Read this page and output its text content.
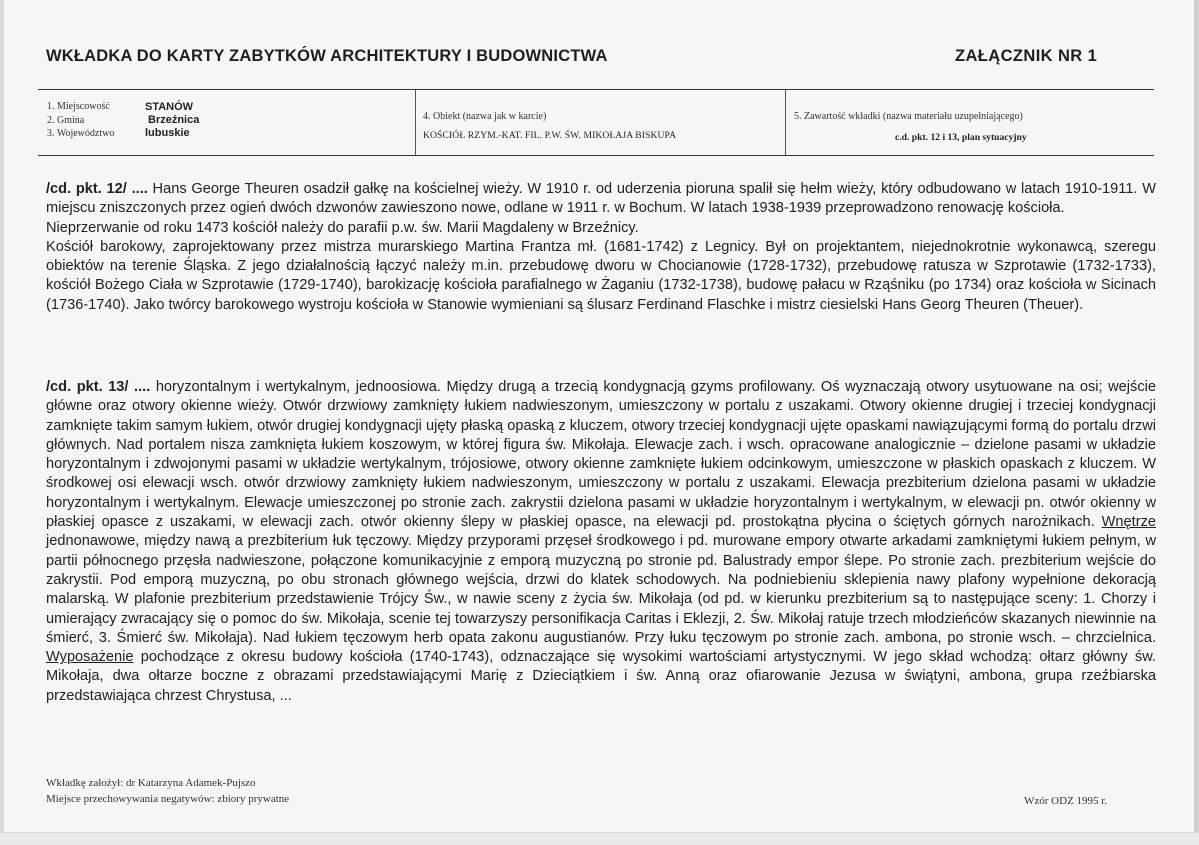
WKŁADKA DO KARTY ZABYTKÓW ARCHITEKTURY I BUDOWNICTWA	ZAŁĄCZNIK NR 1
1. Miejscowość	STANÓW
2. Gmina	Brzeźnica
3. Województwo	lubuskie
4. Obiekt (nazwa jak w karcie)
KOŚCIÓŁ RZYM.-KAT. FIL. P.W. ŚW. MIKOŁAJA BISKUPA
5. Zawartość wkładki (nazwa materiału uzupełniającego)
c.d. pkt. 12 i 13, plan sytuacyjny

/cd. pkt. 12/ .... Hans George Theuren osadził gałkę na kościelnej wieży. W 1910 r. od uderzenia pioruna spalił się hełm wieży, który odbudowano w latach 1910-1911. W miejscu zniszczonych przez ogień dwóch dzwonów zawieszono nowe, odlane w 1911 r. w Bochum. W latach 1938-1939 przeprowadzono renowację kościoła.

Nieprzerwanie od roku 1473 kościół należy do parafii p.w. św. Marii Magdaleny w Brzeźnicy.

Kościół barokowy, zaprojektowany przez mistrza murarskiego Martina Frantza mł. (1681-1742) z Legnicy. Był on projektantem, niejednokrotnie wykonawcą, szeregu obiektów na terenie Śląska. Z jego działalnością łączyć należy m.in. przebudowę dworu w Chocianowie (1728-1732), przebudowę ratusza w Szprotawie (1732-1733), kościół Bożego Ciała w Szprotawie (1729-1740), barokizację kościoła parafialnego w Żaganiu (1732-1738), budowę pałacu w Rząśniku (po 1734) oraz kościoła w Sicinach (1736-1740). Jako twórcy barokowego wystroju kościoła w Stanowie wymieniani są ślusarz Ferdinand Flaschke i mistrz ciesielski Hans Georg Theuren (Theuer).

/cd. pkt. 13/ .... horyzontalnym i wertykalnym, jednoosiowa. Między drugą a trzecią kondygnacją gzyms profilowany. Oś wyznaczają otwory usytuowane na osi; wejście główne oraz otwory okienne wieży. Otwór drzwiowy zamknięty łukiem nadwieszonym, umieszczony w portalu z uszakami. Otwory okienne drugiej i trzeciej kondygnacji zamknięte takim samym łukiem, otwór drugiej kondygnacji ujęty płaską opaską z kluczem, otwory trzeciej kondygnacji ujęte opaskami nawiązującymi formą do portalu drzwi głównych. Nad portalem nisza zamknięta łukiem koszowym, w której figura św. Mikołaja. Elewacje zach. i wsch. opracowane analogicznie – dzielone pasami w układzie horyzontalnym i zdwojonymi pasami w układzie wertykalnym, trójosiowe, otwory okienne zamknięte łukiem odcinkowym, umieszczone w płaskich opaskach z kluczem. W środkowej osi elewacji wsch. otwór drzwiowy zamknięty łukiem nadwieszonym, umieszczony w portalu z uszakami. Elewacja prezbiterium dzielona pasami w układzie horyzontalnym i wertykalnym. Elewacje umieszczonej po stronie zach. zakrystii dzielona pasami w układzie horyzontalnym i wertykalnym, w elewacji pn. otwór okienny w płaskiej opasce z uszakami, w elewacji zach. otwór okienny ślepy w płaskiej opasce, na elewacji pd. prostokątna płycina o ściętych górnych narożnikach. Wnętrze jednonawowe, między nawą a prezbiterium łuk tęczowy. Między przyporami przęseł środkowego i pd. murowane empory otwarte arkadami zamkniętymi łukiem pełnym, w partii północnego przęsła nadwieszone, połączone komunikacyjnie z emporą muzyczną po stronie pd. Balustrady empor ślepe. Po stronie zach. prezbiterium wejście do zakrystii. Pod emporą muzyczną, po obu stronach głównego wejścia, drzwi do klatek schodowych. Na podniebieniu sklepienia nawy plafony wypełnione dekoracją malarską. W plafonie prezbiterium przedstawienie Trójcy Św., w nawie sceny z życia św. Mikołaja (od pd. w kierunku prezbiterium są to następujące sceny: 1. Chorzy i umierający zwracający się o pomoc do św. Mikołaja, scenie tej towarzyszy personifikacja Caritas i Eklezji, 2. Św. Mikołaj ratuje trzech młodzieńców skazanych niewinnie na śmierć, 3. Śmierć św. Mikołaja). Nad łukiem tęczowym herb opata zakonu augustianów. Przy łuku tęczowym po stronie zach. ambona, po stronie wsch. – chrzcielnica. Wyposażenie pochodzące z okresu budowy kościoła (1740-1743), odznaczające się wysokimi wartościami artystycznymi. W jego skład wchodzą: ołtarz główny św. Mikołaja, dwa ołtarze boczne z obrazami przedstawiającymi Marię z Dzieciątkiem i św. Anną oraz ofiarowanie Jezusa w świątyni, ambona, grupa rzeźbiarska przedstawiająca chrzest Chrystusa, ...

Wkładkę założył: dr Katarzyna Adamek-Pujszo
Miejsce przechowywania negatywów: zbiory prywatne	Wzór ODZ 1995 r.
